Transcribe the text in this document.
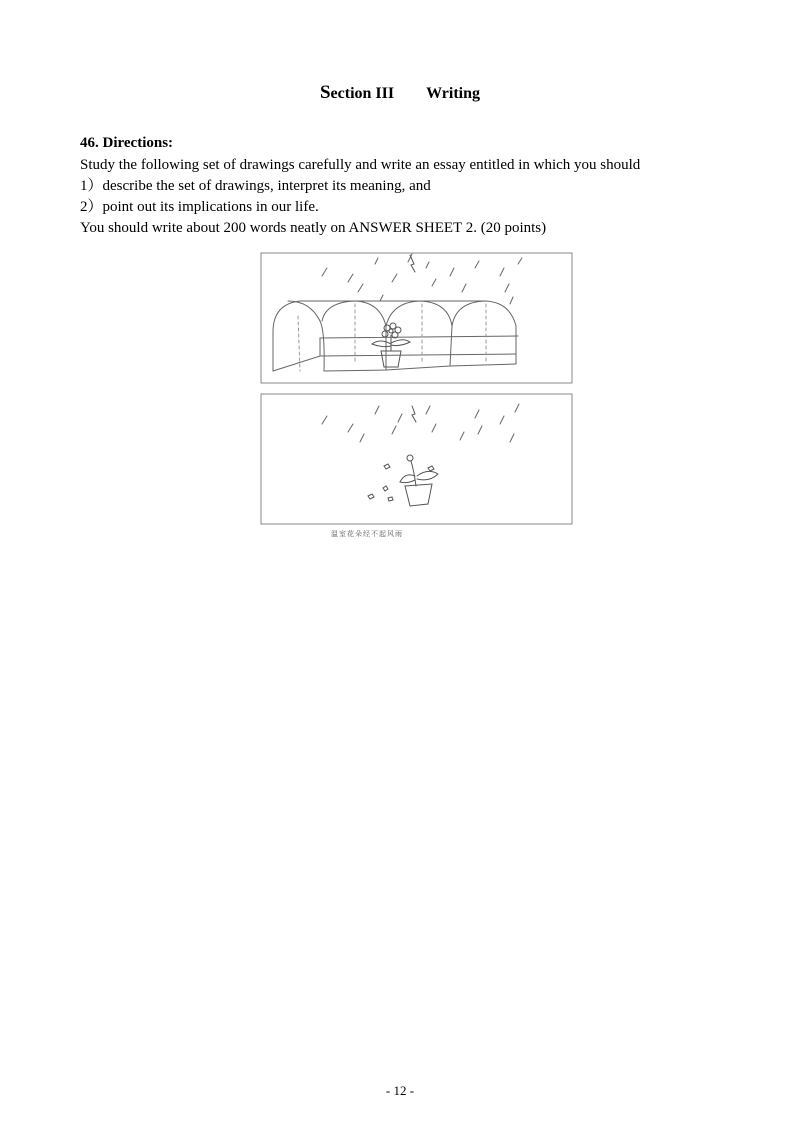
Section III Writing
46. Directions:
Study the following set of drawings carefully and write an essay entitled in which you should
1）describe the set of drawings, interpret its meaning, and
2）point out its implications in our life.
You should write about 200 words neatly on ANSWER SHEET 2. (20 points)
温室花朵经不起风雨
- 12 -
